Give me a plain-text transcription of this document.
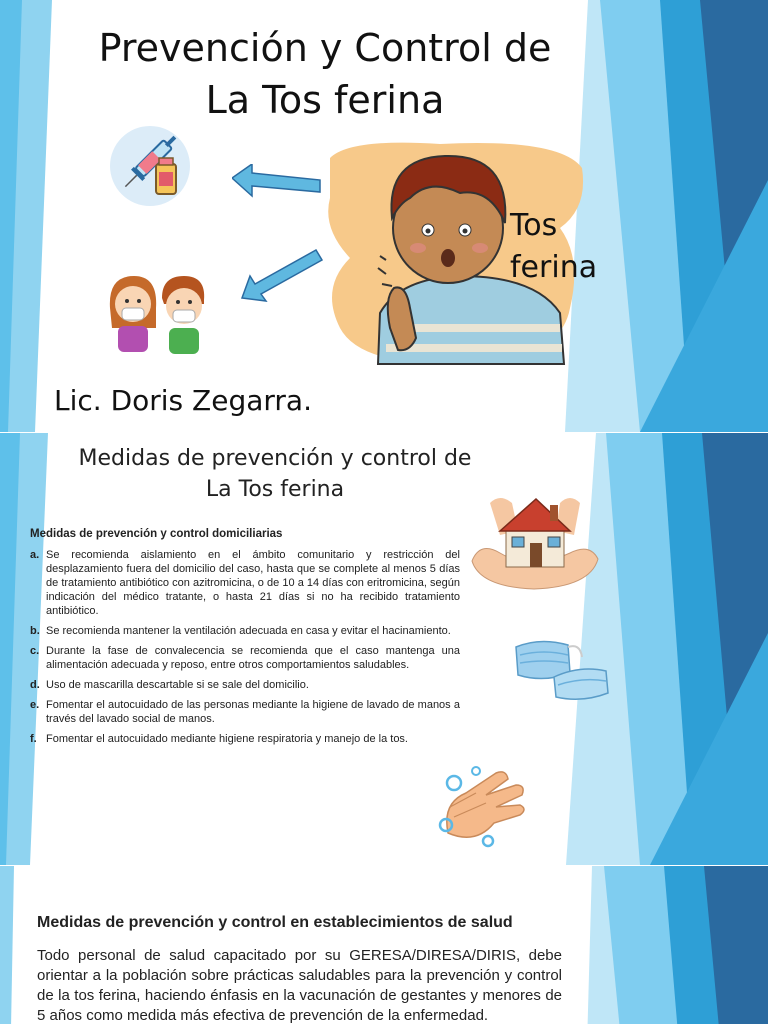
Prevención y Control de
La Tos ferina
Tos
ferina
Lic. Doris Zegarra.
Medidas de prevención y control de
La Tos ferina
Medidas de prevención y control domiciliarias
a. Se recomienda aislamiento en el ámbito comunitario y restricción del desplazamiento fuera del domicilio del caso, hasta que se complete al menos 5 días de tratamiento antibiótico con azitromicina, o de 10 a 14 días con eritromicina, según indicación del médico tratante, o hasta 21 días si no ha recibido tratamiento antibiótico.
b. Se recomienda mantener la ventilación adecuada en casa y evitar el hacinamiento.
c. Durante la fase de convalecencia se recomienda que el caso mantenga una alimentación adecuada y reposo, entre otros comportamientos saludables.
d. Uso de mascarilla descartable si se sale del domicilio.
e. Fomentar el autocuidado de las personas mediante la higiene de lavado de manos a través del lavado social de manos.
f. Fomentar el autocuidado mediante higiene respiratoria y manejo de la tos.
Medidas de prevención y control en establecimientos de salud
Todo personal de salud capacitado por su GERESA/DIRESA/DIRIS, debe orientar a la población sobre prácticas saludables para la prevención y control de la tos ferina, haciendo énfasis en la vacunación de gestantes y menores de 5 años como medida más efectiva de prevención de la enfermedad.
